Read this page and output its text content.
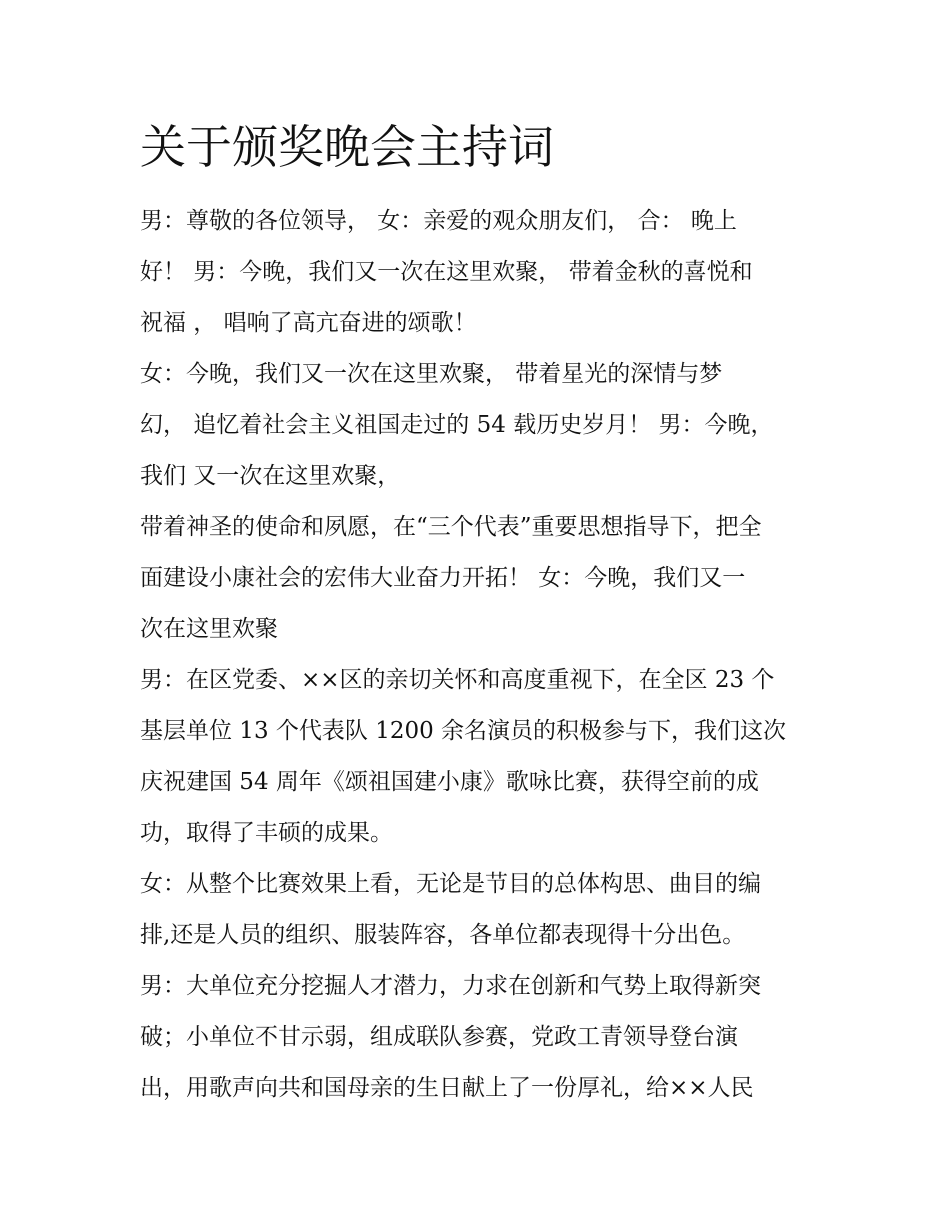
关于颁奖晚会主持词
男：尊敬的各位领导， 女：亲爱的观众朋友们， 合： 晚上
好！ 男：今晚，我们又一次在这里欢聚， 带着金秋的喜悦和
祝福 ， 唱响了高亢奋进的颂歌！
女：今晚，我们又一次在这里欢聚， 带着星光的深情与梦
幻， 追忆着社会主义祖国走过的 54 载历史岁月！ 男：今晚，
我们 又一次在这里欢聚，
带着神圣的使命和夙愿，在“三个代表”重要思想指导下，把全
面建设小康社会的宏伟大业奋力开拓！ 女：今晚，我们又一
次在这里欢聚
男：在区党委、××区的亲切关怀和高度重视下，在全区 23 个
基层单位 13 个代表队 1200 余名演员的积极参与下，我们这次
庆祝建国 54 周年《颂祖国建小康》歌咏比赛，获得空前的成
功，取得了丰硕的成果。
女：从整个比赛效果上看，无论是节目的总体构思、曲目的编
排,还是人员的组织、服装阵容，各单位都表现得十分出色。
男：大单位充分挖掘人才潜力，力求在创新和气势上取得新突
破；小单位不甘示弱，组成联队参赛，党政工青领导登台演
出，用歌声向共和国母亲的生日献上了一份厚礼，给××人民
